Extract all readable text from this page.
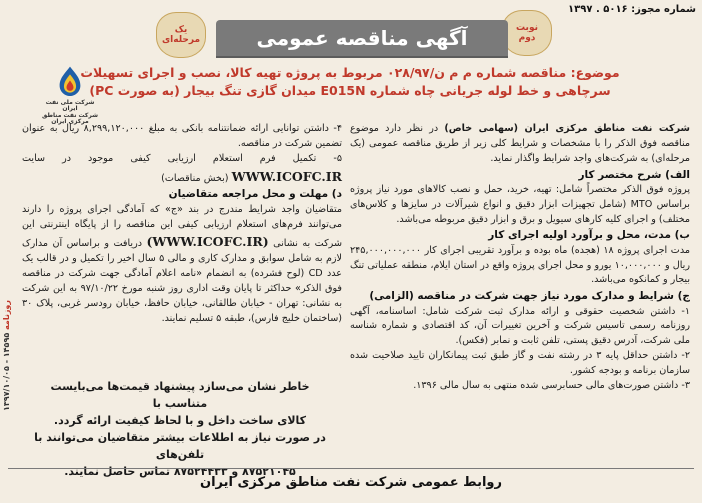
شماره مجوز: ۵۰۱۶ . ۱۳۹۷
نوبت
دوم
آگهی مناقصه عمومی
یک
مرحله‌ای
موضوع: مناقصه شماره م م ن/۰۲۸/۹۷ مربوط به پروژه تهیه کالا، نصب و اجرای تسهیلات
سرچاهی و خط لوله جریانی چاه شماره E015N میدان گازی تنگ بیجار (به صورت PC)
شرکت ملی نفت ایران
شرکت نفت مناطق مرکزی ایران

شرکت نفت مناطق مرکزی ایران (سهامی خاص) در نظر دارد موضوع مناقصه فوق الذکر را با مشخصات و شرایط کلی زیر از طریق مناقصه عمومی (یک مرحله‌ای) به شرکت‌های واجد شرایط واگذار نماید.

الف) شرح مختصر کار

پروژه فوق الذکر مختصراً شامل: تهیه، خرید، حمل و نصب کالاهای مورد نیاز پروژه براساس MTO (شامل تجهیزات ابزار دقیق و انواع شیرآلات در سایزها و کلاس‌های مختلف) و اجرای کلیه کارهای سیویل و برق و ابزار دقیق مربوطه می‌باشد.

ب) مدت، محل و برآورد اولیه اجرای کار

مدت اجرای پروژه ۱۸ (هجده) ماه بوده و برآورد تقریبی اجرای کار ۲۴۵,۰۰۰,۰۰۰,۰۰۰ ریال و ۱۰,۰۰۰,۰۰۰ یورو و محل اجرای پروژه واقع در استان ایلام، منطقه عملیاتی تنگ بیجار و کمانکوه می‌باشد.

ج) شرایط و مدارک مورد نیاز جهت شرکت در مناقصه (الزامی)

۱- داشتن شخصیت حقوقی و ارائه مدارک ثبت شرکت شامل: اساسنامه، آگهی روزنامه رسمی تاسیس شرکت و آخرین تغییرات آن، کد اقتصادی و شماره شناسه ملی شرکت، آدرس دقیق پستی، تلفن ثابت و نمابر (فکس).

۲- داشتن حداقل پایه ۳ در رشته نفت و گاز طبق ثبت پیمانکاران تایید صلاحیت شده سازمان برنامه و بودجه کشور.

۳- داشتن صورت‌های مالی حسابرسی شده منتهی به سال مالی ۱۳۹۶.

۴- داشتن توانایی ارائه ضمانتنامه بانکی به مبلغ ۸,۲۹۹,۱۲۰,۰۰۰ ریال به عنوان تضمین شرکت در مناقصه.

۵- تکمیل فرم استعلام ارزیابی کیفی موجود در سایت WWW.ICOFC.IR (بخش مناقصات)

د) مهلت و محل مراجعه متقاضیان

متقاضیان واجد شرایط مندرج در بند «ج» که آمادگی اجرای پروژه را دارند می‌توانند فرم‌های استعلام ارزیابی کیفی این مناقصه را از پایگاه اینترنتی این شرکت به نشانی (WWW.ICOFC.IR) دریافت و براساس آن مدارک لازم به شامل سوابق و مدارک کاری و مالی ۵ سال اخیر را تکمیل و در قالب یک عدد CD (لوح فشرده) به انضمام «نامه اعلام آمادگی جهت شرکت در مناقصه فوق الذکر» حداکثر تا پایان وقت اداری روز شنبه مورخ ۹۷/۱۰/۲۲ به این شرکت به نشانی: تهران - خیابان طالقانی، خیابان حافظ، خیابان رودسر غربی، پلاک ۳۰ (ساختمان خلیج فارس)، طبقه ۵ تسلیم نمایند.

خاطر نشان می‌سازد پیشنهاد قیمت‌ها می‌بایست متناسب با
کالای ساخت داخل و با لحاظ کیفیت ارائه گردد.
در صورت نیاز به اطلاعات بیشتر متقاضیان می‌توانند با تلفن‌های
۸۷۵۲۱۰۴۵ و ۸۷۵۲۴۴۳۳ تماس حاصل نمایند.
روزنامه ۱۴۵۹۵ - ۱۳۹۷/۱۰/۰۵
روابط عمومی شرکت نفت مناطق مرکزی ایران
